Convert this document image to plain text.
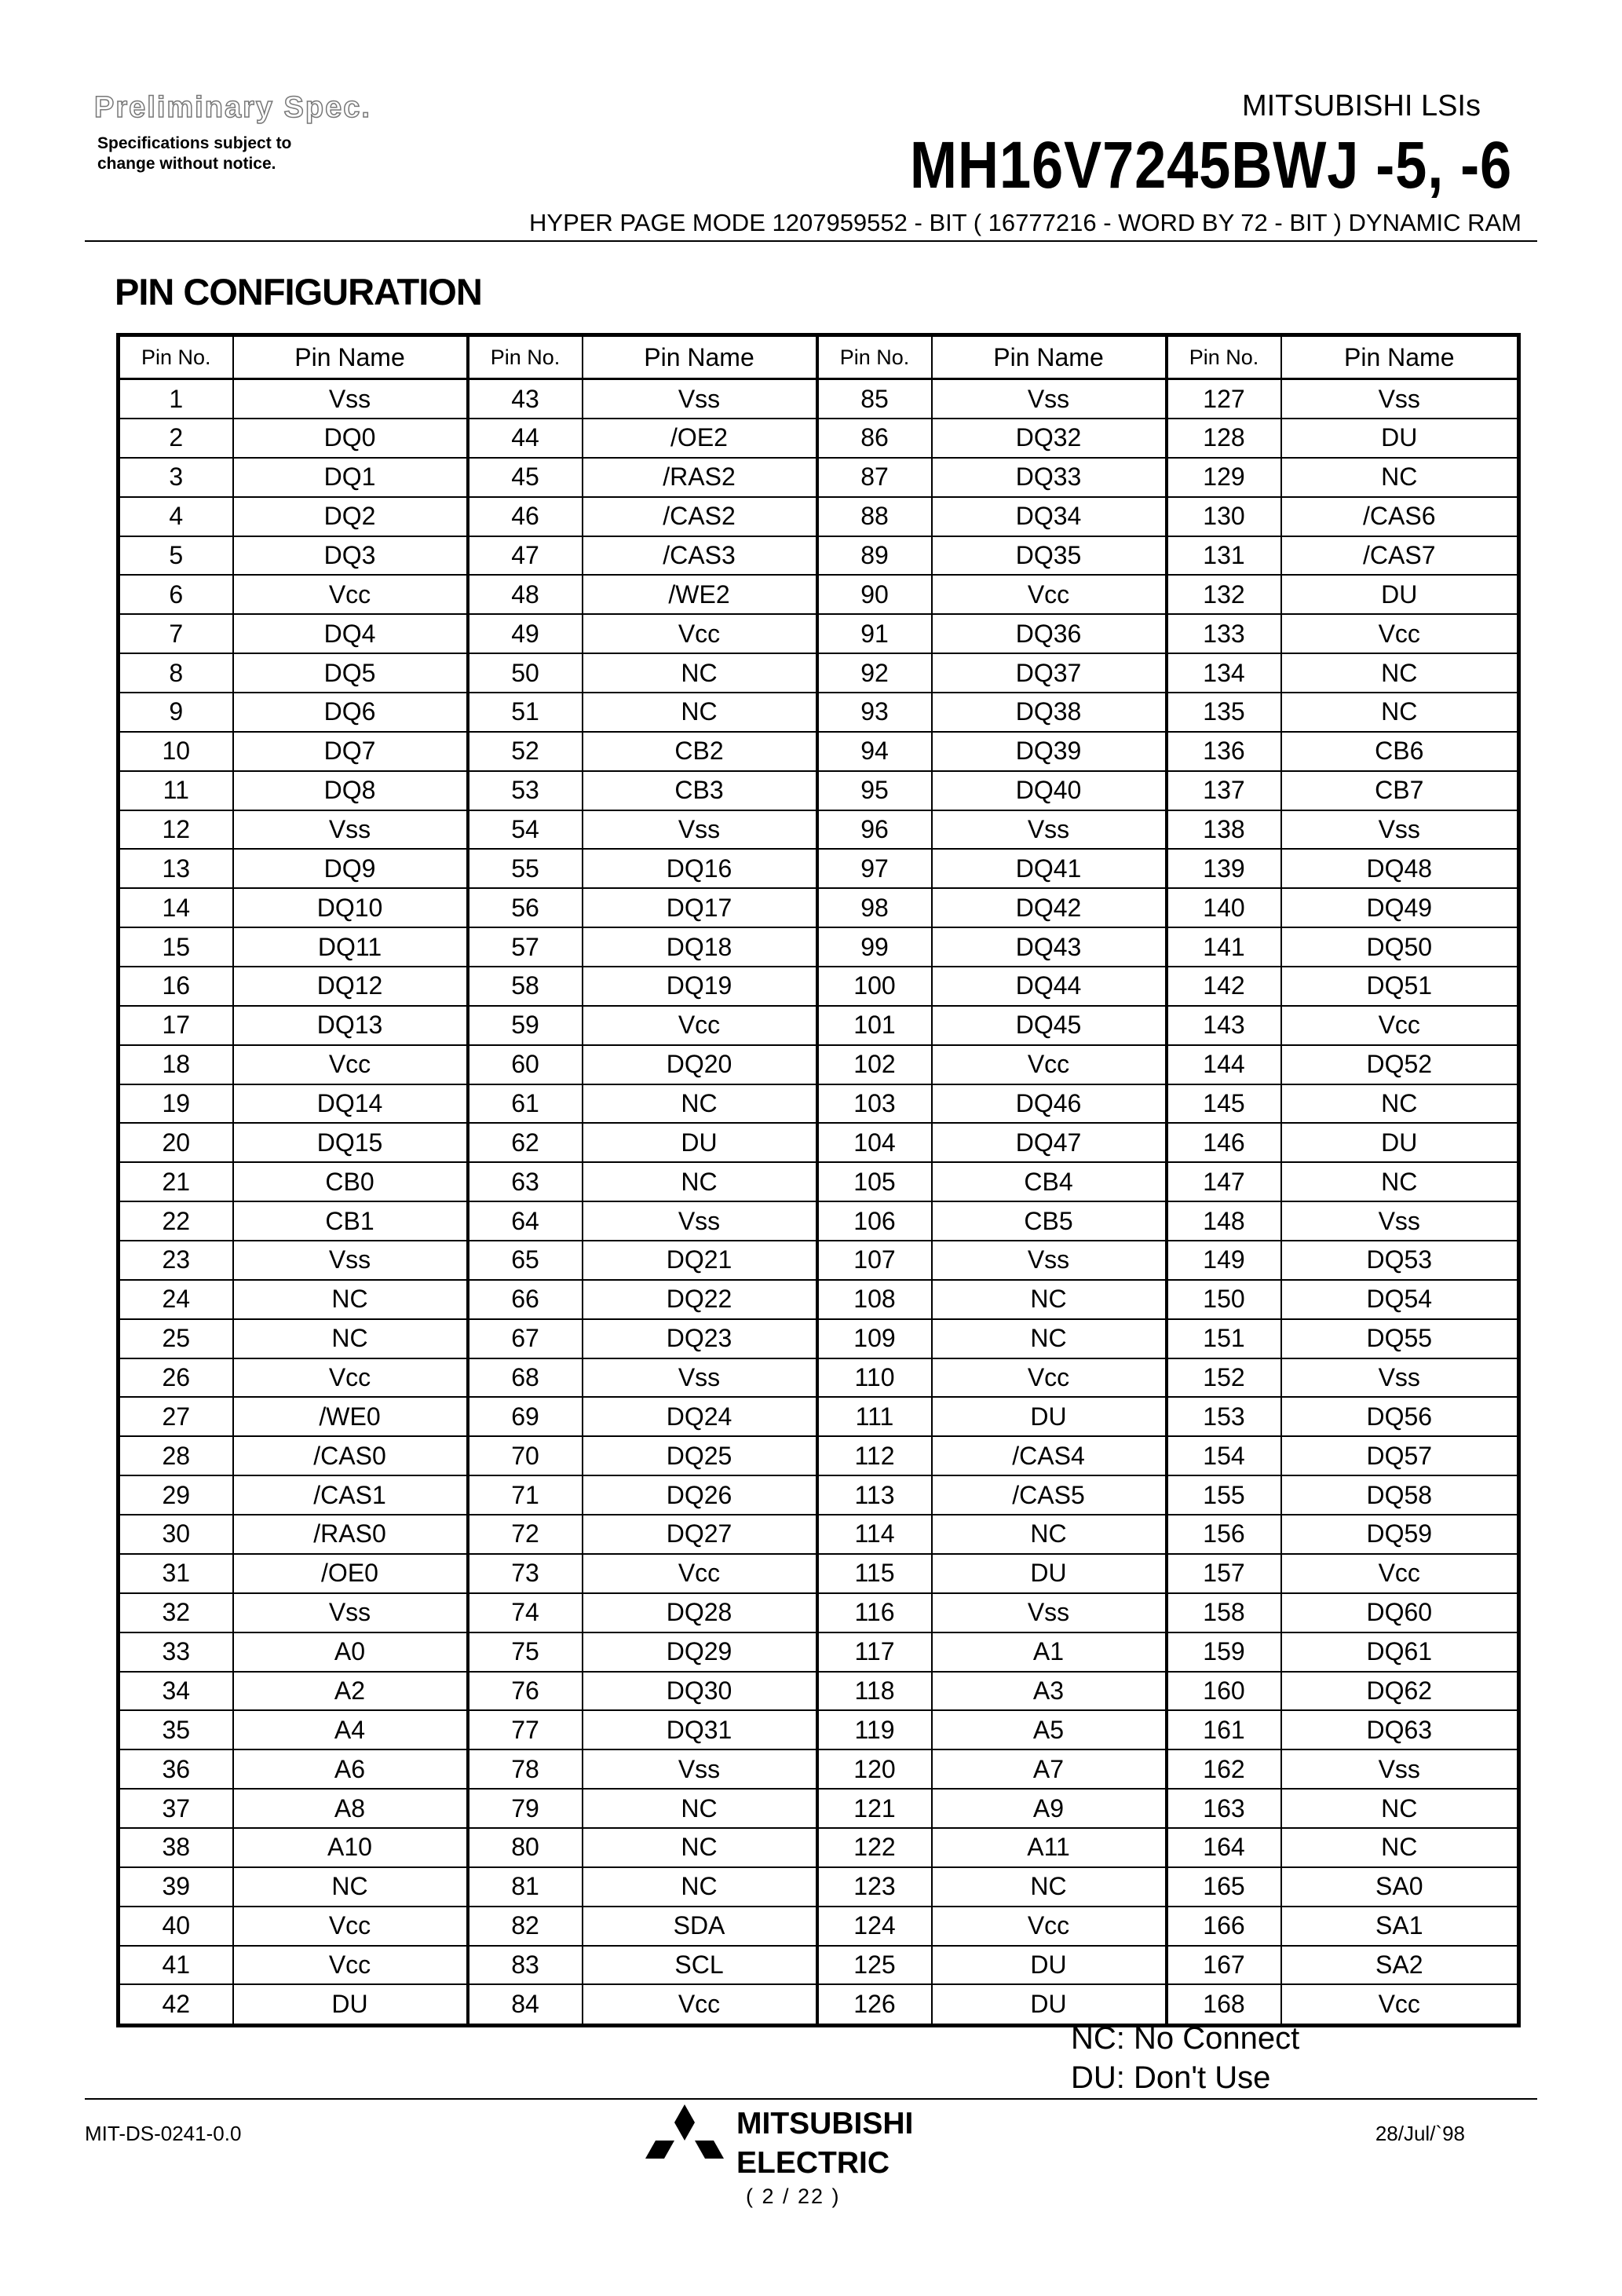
Preliminary Spec.
Specifications subject to
change without notice.
MITSUBISHI LSIs
MH16V7245BWJ -5, -6
HYPER PAGE MODE 1207959552 - BIT ( 16777216 - WORD BY 72 - BIT ) DYNAMIC RAM
PIN CONFIGURATION
Pin No.	Pin Name	Pin No.	Pin Name	Pin No.	Pin Name	Pin No.	Pin Name
1	Vss	43	Vss	85	Vss	127	Vss
2	DQ0	44	/OE2	86	DQ32	128	DU
3	DQ1	45	/RAS2	87	DQ33	129	NC
4	DQ2	46	/CAS2	88	DQ34	130	/CAS6
5	DQ3	47	/CAS3	89	DQ35	131	/CAS7
6	Vcc	48	/WE2	90	Vcc	132	DU
7	DQ4	49	Vcc	91	DQ36	133	Vcc
8	DQ5	50	NC	92	DQ37	134	NC
9	DQ6	51	NC	93	DQ38	135	NC
10	DQ7	52	CB2	94	DQ39	136	CB6
11	DQ8	53	CB3	95	DQ40	137	CB7
12	Vss	54	Vss	96	Vss	138	Vss
13	DQ9	55	DQ16	97	DQ41	139	DQ48
14	DQ10	56	DQ17	98	DQ42	140	DQ49
15	DQ11	57	DQ18	99	DQ43	141	DQ50
16	DQ12	58	DQ19	100	DQ44	142	DQ51
17	DQ13	59	Vcc	101	DQ45	143	Vcc
18	Vcc	60	DQ20	102	Vcc	144	DQ52
19	DQ14	61	NC	103	DQ46	145	NC
20	DQ15	62	DU	104	DQ47	146	DU
21	CB0	63	NC	105	CB4	147	NC
22	CB1	64	Vss	106	CB5	148	Vss
23	Vss	65	DQ21	107	Vss	149	DQ53
24	NC	66	DQ22	108	NC	150	DQ54
25	NC	67	DQ23	109	NC	151	DQ55
26	Vcc	68	Vss	110	Vcc	152	Vss
27	/WE0	69	DQ24	111	DU	153	DQ56
28	/CAS0	70	DQ25	112	/CAS4	154	DQ57
29	/CAS1	71	DQ26	113	/CAS5	155	DQ58
30	/RAS0	72	DQ27	114	NC	156	DQ59
31	/OE0	73	Vcc	115	DU	157	Vcc
32	Vss	74	DQ28	116	Vss	158	DQ60
33	A0	75	DQ29	117	A1	159	DQ61
34	A2	76	DQ30	118	A3	160	DQ62
35	A4	77	DQ31	119	A5	161	DQ63
36	A6	78	Vss	120	A7	162	Vss
37	A8	79	NC	121	A9	163	NC
38	A10	80	NC	122	A11	164	NC
39	NC	81	NC	123	NC	165	SA0
40	Vcc	82	SDA	124	Vcc	166	SA1
41	Vcc	83	SCL	125	DU	167	SA2
42	DU	84	Vcc	126	DU	168	Vcc
NC: No Connect
DU: Don't Use
MIT-DS-0241-0.0	MITSUBISHI
ELECTRIC
( 2 / 22 )
28/Jul/`98
